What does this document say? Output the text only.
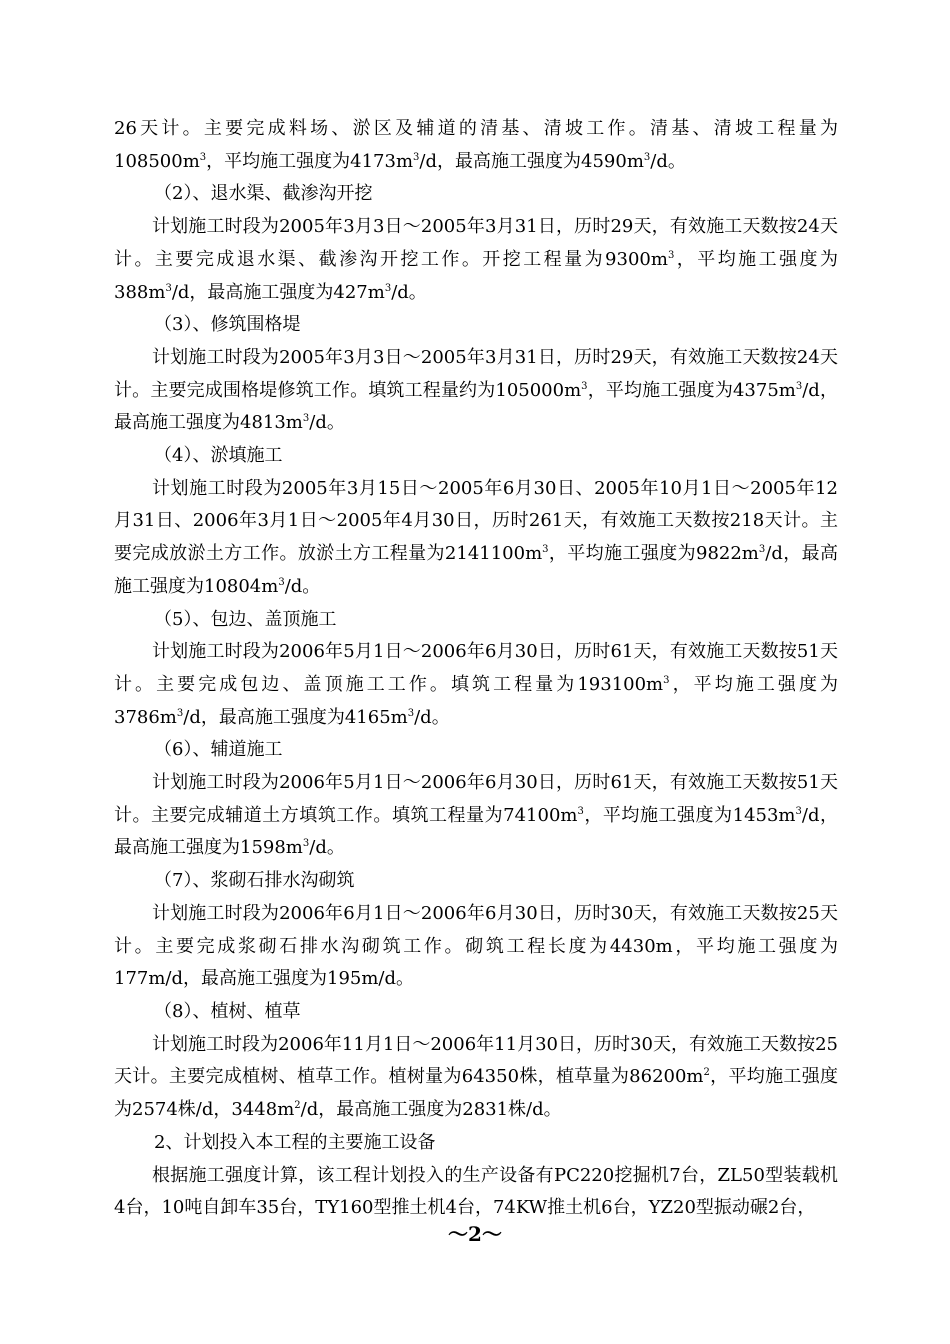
26天计。主要完成料场、淤区及辅道的清基、清坡工作。清基、清坡工程量为$108500m^3$，平均施工强度为$4173m^3/d$，最高施工强度为$4590m^3/d$。

（2）、退水渠、截渗沟开挖

计划施工时段为2005年3月3日～2005年3月31日，历时29天，有效施工天数按24天计。主要完成退水渠、截渗沟开挖工作。开挖工程量为$9300m^3$，平均施工强度为$388m^3/d$，最高施工强度为$427m^3/d$。

（3）、修筑围格堤

计划施工时段为2005年3月3日～2005年3月31日，历时29天，有效施工天数按24天计。主要完成围格堤修筑工作。填筑工程量约为$105000m^3$，平均施工强度为$4375m^3/d$，最高施工强度为$4813m^3/d$。

（4）、淤填施工

计划施工时段为2005年3月15日～2005年6月30日、2005年10月1日～2005年12月31日、2006年3月1日～2005年4月30日，历时261天，有效施工天数按218天计。主要完成放淤土方工作。放淤土方工程量为$2141100m^3$，平均施工强度为$9822m^3/d$，最高施工强度为$10804m^3/d$。

（5）、包边、盖顶施工

计划施工时段为2006年5月1日～2006年6月30日，历时61天，有效施工天数按51天计。主要完成包边、盖顶施工工作。填筑工程量为$193100m^3$，平均施工强度为$3786m^3/d$，最高施工强度为$4165m^3/d$。

（6）、辅道施工

计划施工时段为2006年5月1日～2006年6月30日，历时61天，有效施工天数按51天计。主要完成辅道土方填筑工作。填筑工程量为$74100m^3$，平均施工强度为$1453m^3/d$，最高施工强度为$1598m^3/d$。

（7）、浆砌石排水沟砌筑

计划施工时段为2006年6月1日～2006年6月30日，历时30天，有效施工天数按25天计。主要完成浆砌石排水沟砌筑工作。砌筑工程长度为4430m，平均施工强度为177m/d，最高施工强度为195m/d。

（8）、植树、植草

计划施工时段为2006年11月1日～2006年11月30日，历时30天，有效施工天数按25天计。主要完成植树、植草工作。植树量为64350株，植草量为$86200m^2$，平均施工强度为2574株/d，$3448m^2/d$，最高施工强度为2831株/d。

2、计划投入本工程的主要施工设备

根据施工强度计算，该工程计划投入的生产设备有PC220挖掘机7台，ZL50型装载机4台，10吨自卸车35台，TY160型推土机4台，74KW推土机6台，YZ20型振动碾2台，

～2～
